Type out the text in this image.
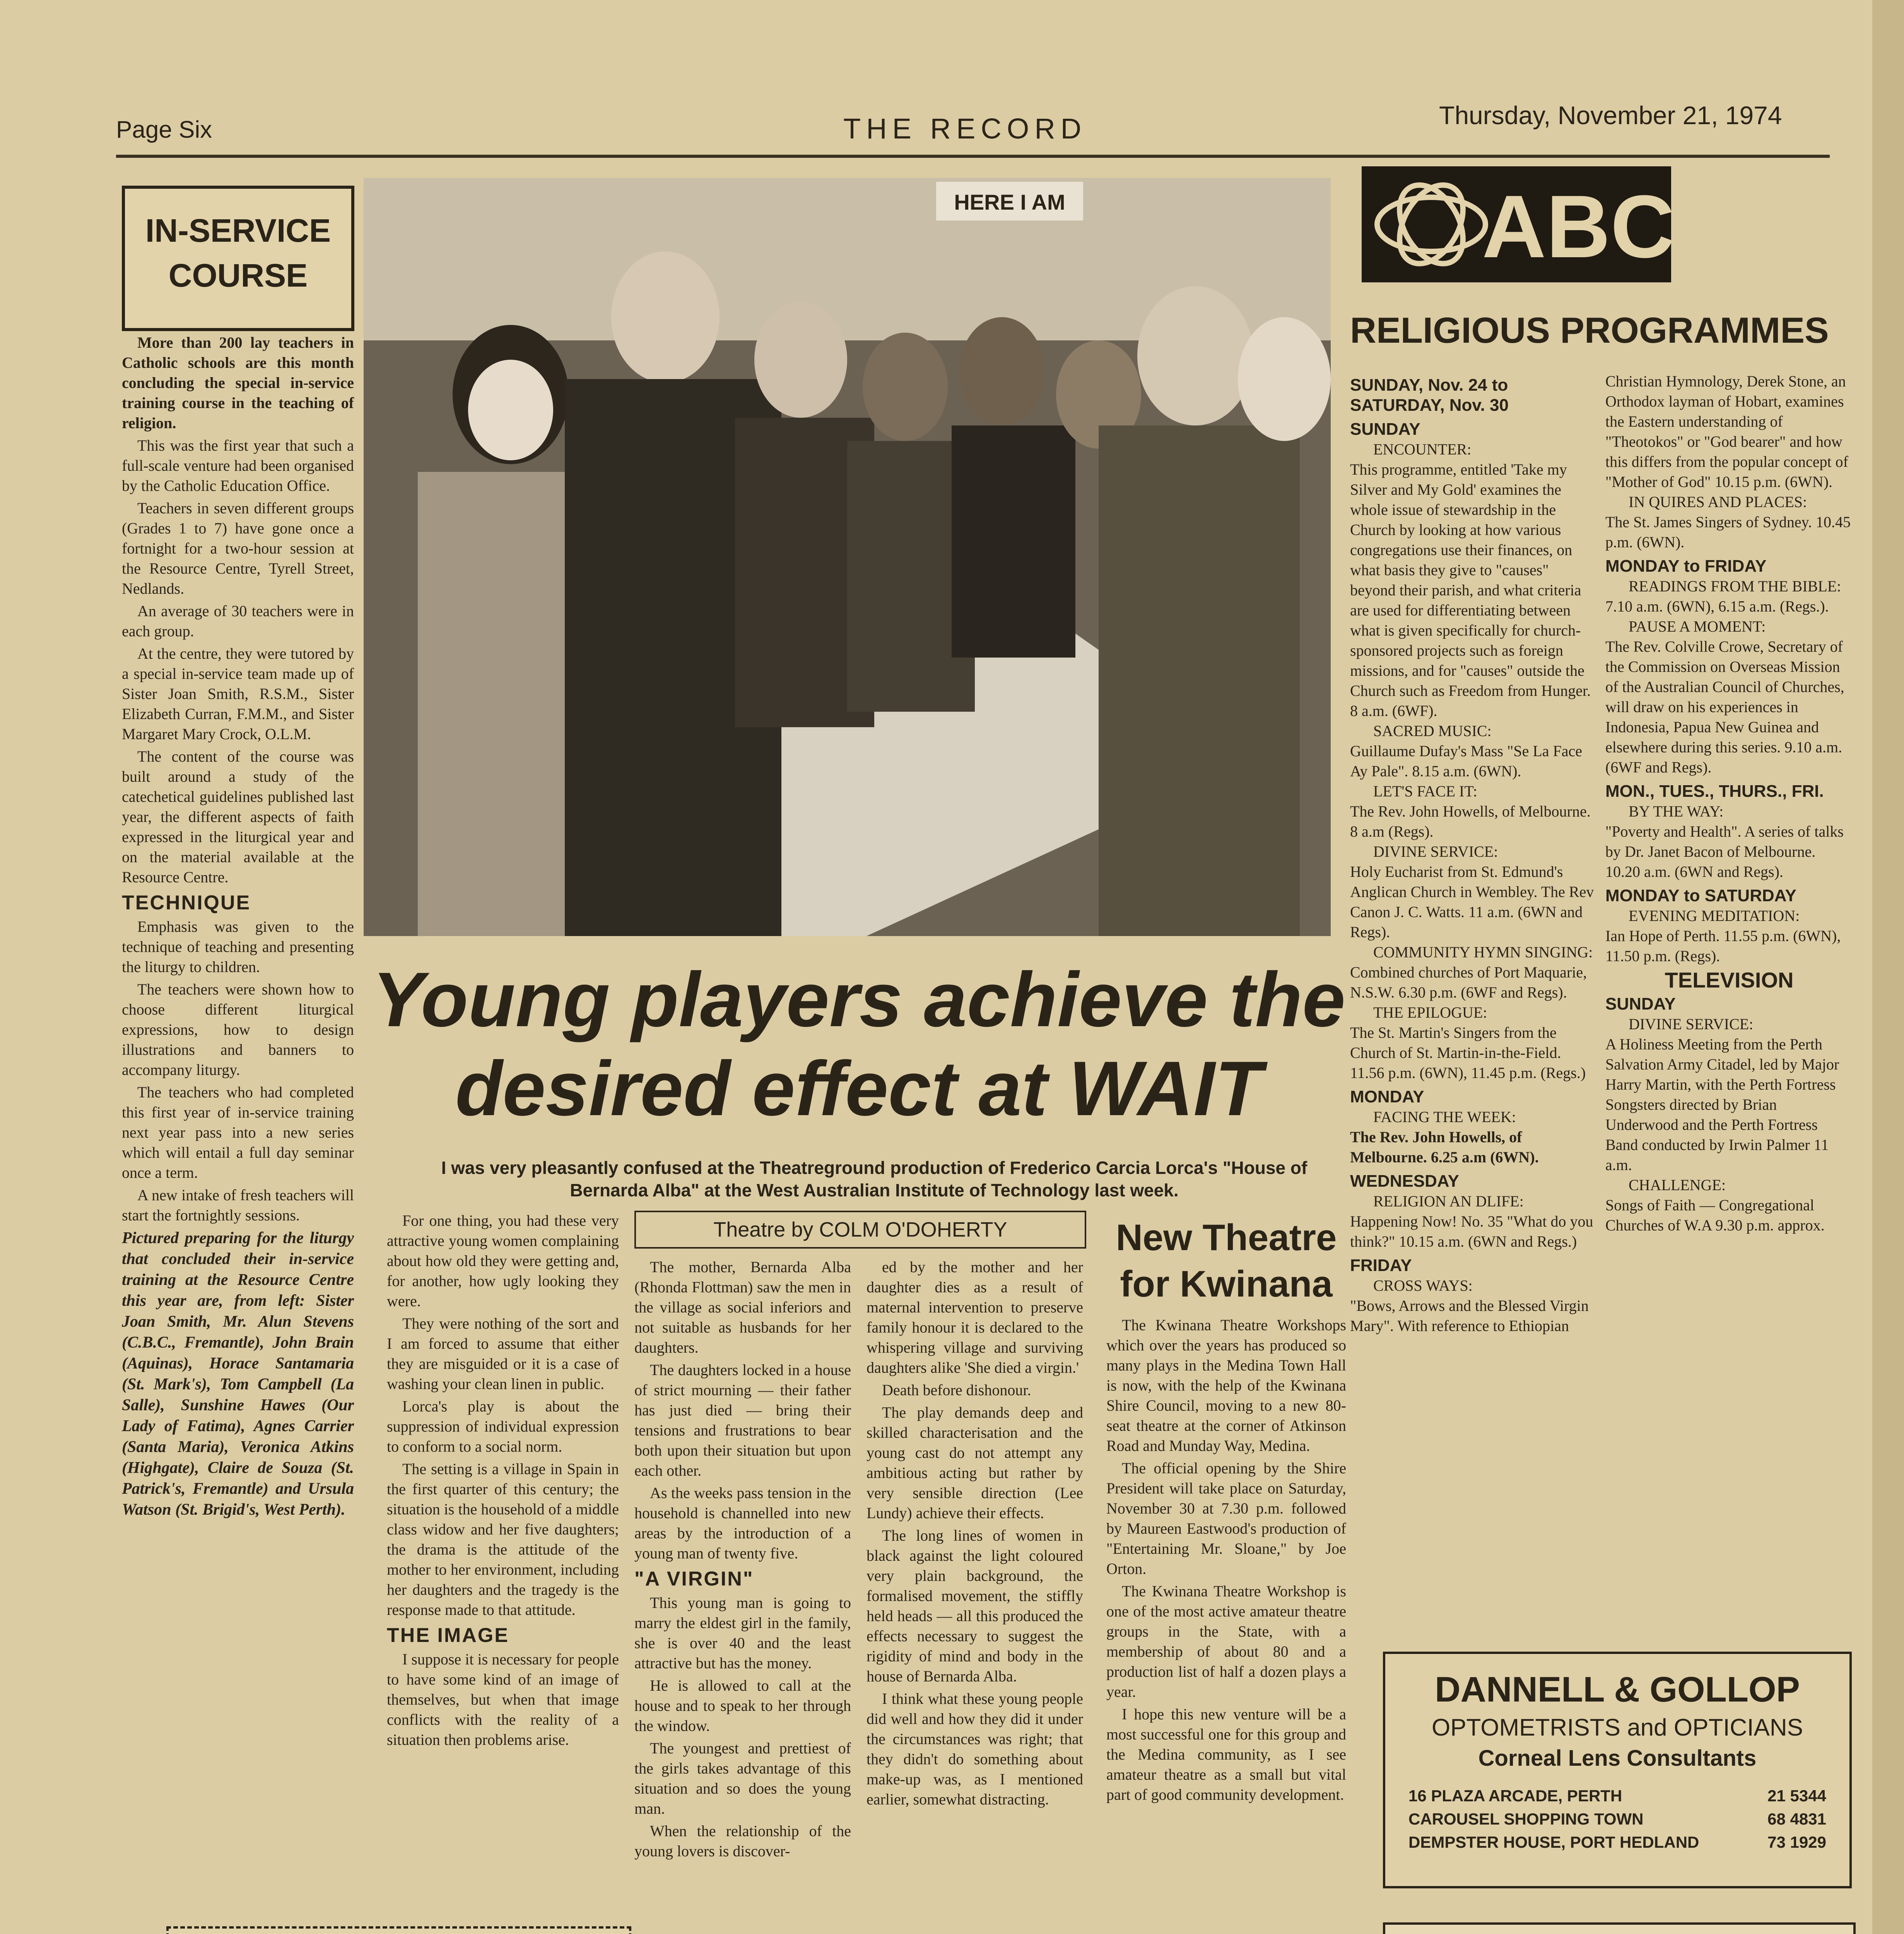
Page Six	THE RECORD	Thursday, November 21, 1974
IN-SERVICE
COURSE

More than 200 lay teachers in Catholic schools are this month concluding the special in-service training course in the teaching of religion.

This was the first year that such a full-scale venture had been organised by the Catholic Education Office.

Teachers in seven different groups (Grades 1 to 7) have gone once a fortnight for a two-hour session at the Resource Centre, Tyrell Street, Nedlands.

An average of 30 teachers were in each group.

At the centre, they were tutored by a special in-service team made up of Sister Joan Smith, R.S.M., Sister Elizabeth Curran, F.M.M., and Sister Margaret Mary Crock, O.L.M.

The content of the course was built around a study of the catechetical guidelines published last year, the different aspects of faith expressed in the liturgical year and on the material available at the Resource Centre.

TECHNIQUE

Emphasis was given to the technique of teaching and presenting the liturgy to children.

The teachers were shown how to choose different liturgical expressions, how to design illustrations and banners to accompany liturgy.

The teachers who had completed this first year of in-service training next year pass into a new series which will entail a full day seminar once a term.

A new intake of fresh teachers will start the fortnightly sessions.

Pictured preparing for the liturgy that concluded their in-service training at the Resource Centre this year are, from left: Sister Joan Smith, Mr. Alun Stevens (C.B.C., Fremantle), John Brain (Aquinas), Horace Santamaria (St. Mark's), Tom Campbell (La Salle), Sunshine Hawes (Our Lady of Fatima), Agnes Carrier (Santa Maria), Veronica Atkins (Highgate), Claire de Souza (St. Patrick's, Fremantle) and Ursula Watson (St. Brigid's, West Perth).
HERE I AM
Young players achieve the
desired effect at WAIT
I was very pleasantly confused at the Theatreground production of Frederico Carcia Lorca's "House of Bernarda Alba" at the West Australian Institute of Technology last week.

For one thing, you had these very attractive young women complaining about how old they were getting and, for another, how ugly looking they were.

They were nothing of the sort and I am forced to assume that either they are misguided or it is a case of washing your clean linen in public.

Lorca's play is about the suppression of individual expression to conform to a social norm.

The setting is a village in Spain in the first quarter of this century; the situation is the household of a middle class widow and her five daughters; the drama is the attitude of the mother to her environment, including her daughters and the tragedy is the response made to that attitude.

THE IMAGE

I suppose it is necessary for people to have some kind of an image of themselves, but when that image conflicts with the reality of a situation then problems arise.

Theatre by COLM O'DOHERTY

The mother, Bernarda Alba (Rhonda Flottman) saw the men in the village as social inferiors and not suitable as husbands for her daughters.

The daughters locked in a house of strict mourning — their father has just died — bring their tensions and frustrations to bear both upon their situation but upon each other.

As the weeks pass tension in the household is channelled into new areas by the introduction of a young man of twenty five.

"A VIRGIN"

This young man is going to marry the eldest girl in the family, she is over 40 and the least attractive but has the money.

He is allowed to call at the house and to speak to her through the window.

The youngest and prettiest of the girls takes advantage of this situation and so does the young man.

When the relationship of the young lovers is discover-

ed by the mother and her daughter dies as a result of maternal intervention to preserve family honour it is declared to the whispering village and surviving daughters alike 'She died a virgin.'

Death before dishonour.

The play demands deep and skilled characterisation and the young cast do not attempt any ambitious acting but rather by very sensible direction (Lee Lundy) achieve their effects.

The long lines of women in black against the light coloured very plain background, the formalised movement, the stiffly held heads — all this produced the effects necessary to suggest the rigidity of mind and body in the house of Bernarda Alba.

I think what these young people did well and how they did it under the circumstances was right; that they didn't do something about make-up was, as I mentioned earlier, somewhat distracting.

New Theatre
for Kwinana

The Kwinana Theatre Workshops which over the years has produced so many plays in the Medina Town Hall is now, with the help of the Kwinana Shire Council, moving to a new 80-seat theatre at the corner of Atkinson Road and Munday Way, Medina.

The official opening by the Shire President will take place on Saturday, November 30 at 7.30 p.m. followed by Maureen Eastwood's production of "Entertaining Mr. Sloane," by Joe Orton.

The Kwinana Theatre Workshop is one of the most active amateur theatre groups in the State, with a membership of about 80 and a production list of half a dozen plays a year.

I hope this new venture will be a most successful one for this group and the Medina community, as I see amateur theatre as a small but vital part of good community development.

ABC
RELIGIOUS PROGRAMMES
SUNDAY, Nov. 24 to SATURDAY, Nov. 30
SUNDAY
ENCOUNTER:
This programme, entitled 'Take my Silver and My Gold' examines the whole issue of stewardship in the Church by looking at how various congregations use their finances, on what basis they give to "causes" beyond their parish, and what criteria are used for differentiating between what is given specifically for church-sponsored projects such as foreign missions, and for "causes" outside the Church such as Freedom from Hunger. 8 a.m. (6WF).
SACRED MUSIC:
Guillaume Dufay's Mass "Se La Face Ay Pale". 8.15 a.m. (6WN).
LET'S FACE IT:
The Rev. John Howells, of Melbourne. 8 a.m (Regs).
DIVINE SERVICE:
Holy Eucharist from St. Edmund's Anglican Church in Wembley. The Rev Canon J. C. Watts. 11 a.m. (6WN and Regs).
COMMUNITY HYMN SINGING:
Combined churches of Port Maquarie, N.S.W. 6.30 p.m. (6WF and Regs).
THE EPILOGUE:
The St. Martin's Singers from the Church of St. Martin-in-the-Field. 11.56 p.m. (6WN), 11.45 p.m. (Regs.)
MONDAY
FACING THE WEEK:
The Rev. John Howells, of Melbourne. 6.25 a.m (6WN).
WEDNESDAY
RELIGION AN DLIFE:
Happening Now! No. 35 "What do you think?" 10.15 a.m. (6WN and Regs.)
FRIDAY
CROSS WAYS:
"Bows, Arrows and the Blessed Virgin Mary". With reference to Ethiopian
Christian Hymnology, Derek Stone, an Orthodox layman of Hobart, examines the Eastern understanding of "Theotokos" or "God bearer" and how this differs from the popular concept of "Mother of God" 10.15 p.m. (6WN).
IN QUIRES AND PLACES:
The St. James Singers of Sydney. 10.45 p.m. (6WN).
MONDAY to FRIDAY
READINGS FROM THE BIBLE:
7.10 a.m. (6WN), 6.15 a.m. (Regs.).
PAUSE A MOMENT:
The Rev. Colville Crowe, Secretary of the Commission on Overseas Mission of the Australian Council of Churches, will draw on his experiences in Indonesia, Papua New Guinea and elsewhere during this series. 9.10 a.m. (6WF and Regs).
MON., TUES., THURS., FRI.
BY THE WAY:
"Poverty and Health". A series of talks by Dr. Janet Bacon of Melbourne. 10.20 a.m. (6WN and Regs).
MONDAY to SATURDAY
EVENING MEDITATION:
Ian Hope of Perth. 11.55 p.m. (6WN), 11.50 p.m. (Regs).
TELEVISION
SUNDAY
DIVINE SERVICE:
A Holiness Meeting from the Perth Salvation Army Citadel, led by Major Harry Martin, with the Perth Fortress Songsters directed by Brian Underwood and the Perth Fortress Band conducted by Irwin Palmer 11 a.m.
CHALLENGE:
Songs of Faith — Congregational Churches of W.A 9.30 p.m. approx.
DANNELL & GOLLOP
OPTOMETRISTS and OPTICIANS
Corneal Lens Consultants
16 PLAZA ARCADE, PERTH	21 5344
CAROUSEL SHOPPING TOWN	68 4831
DEMPSTER HOUSE, PORT HEDLAND	73 1929
